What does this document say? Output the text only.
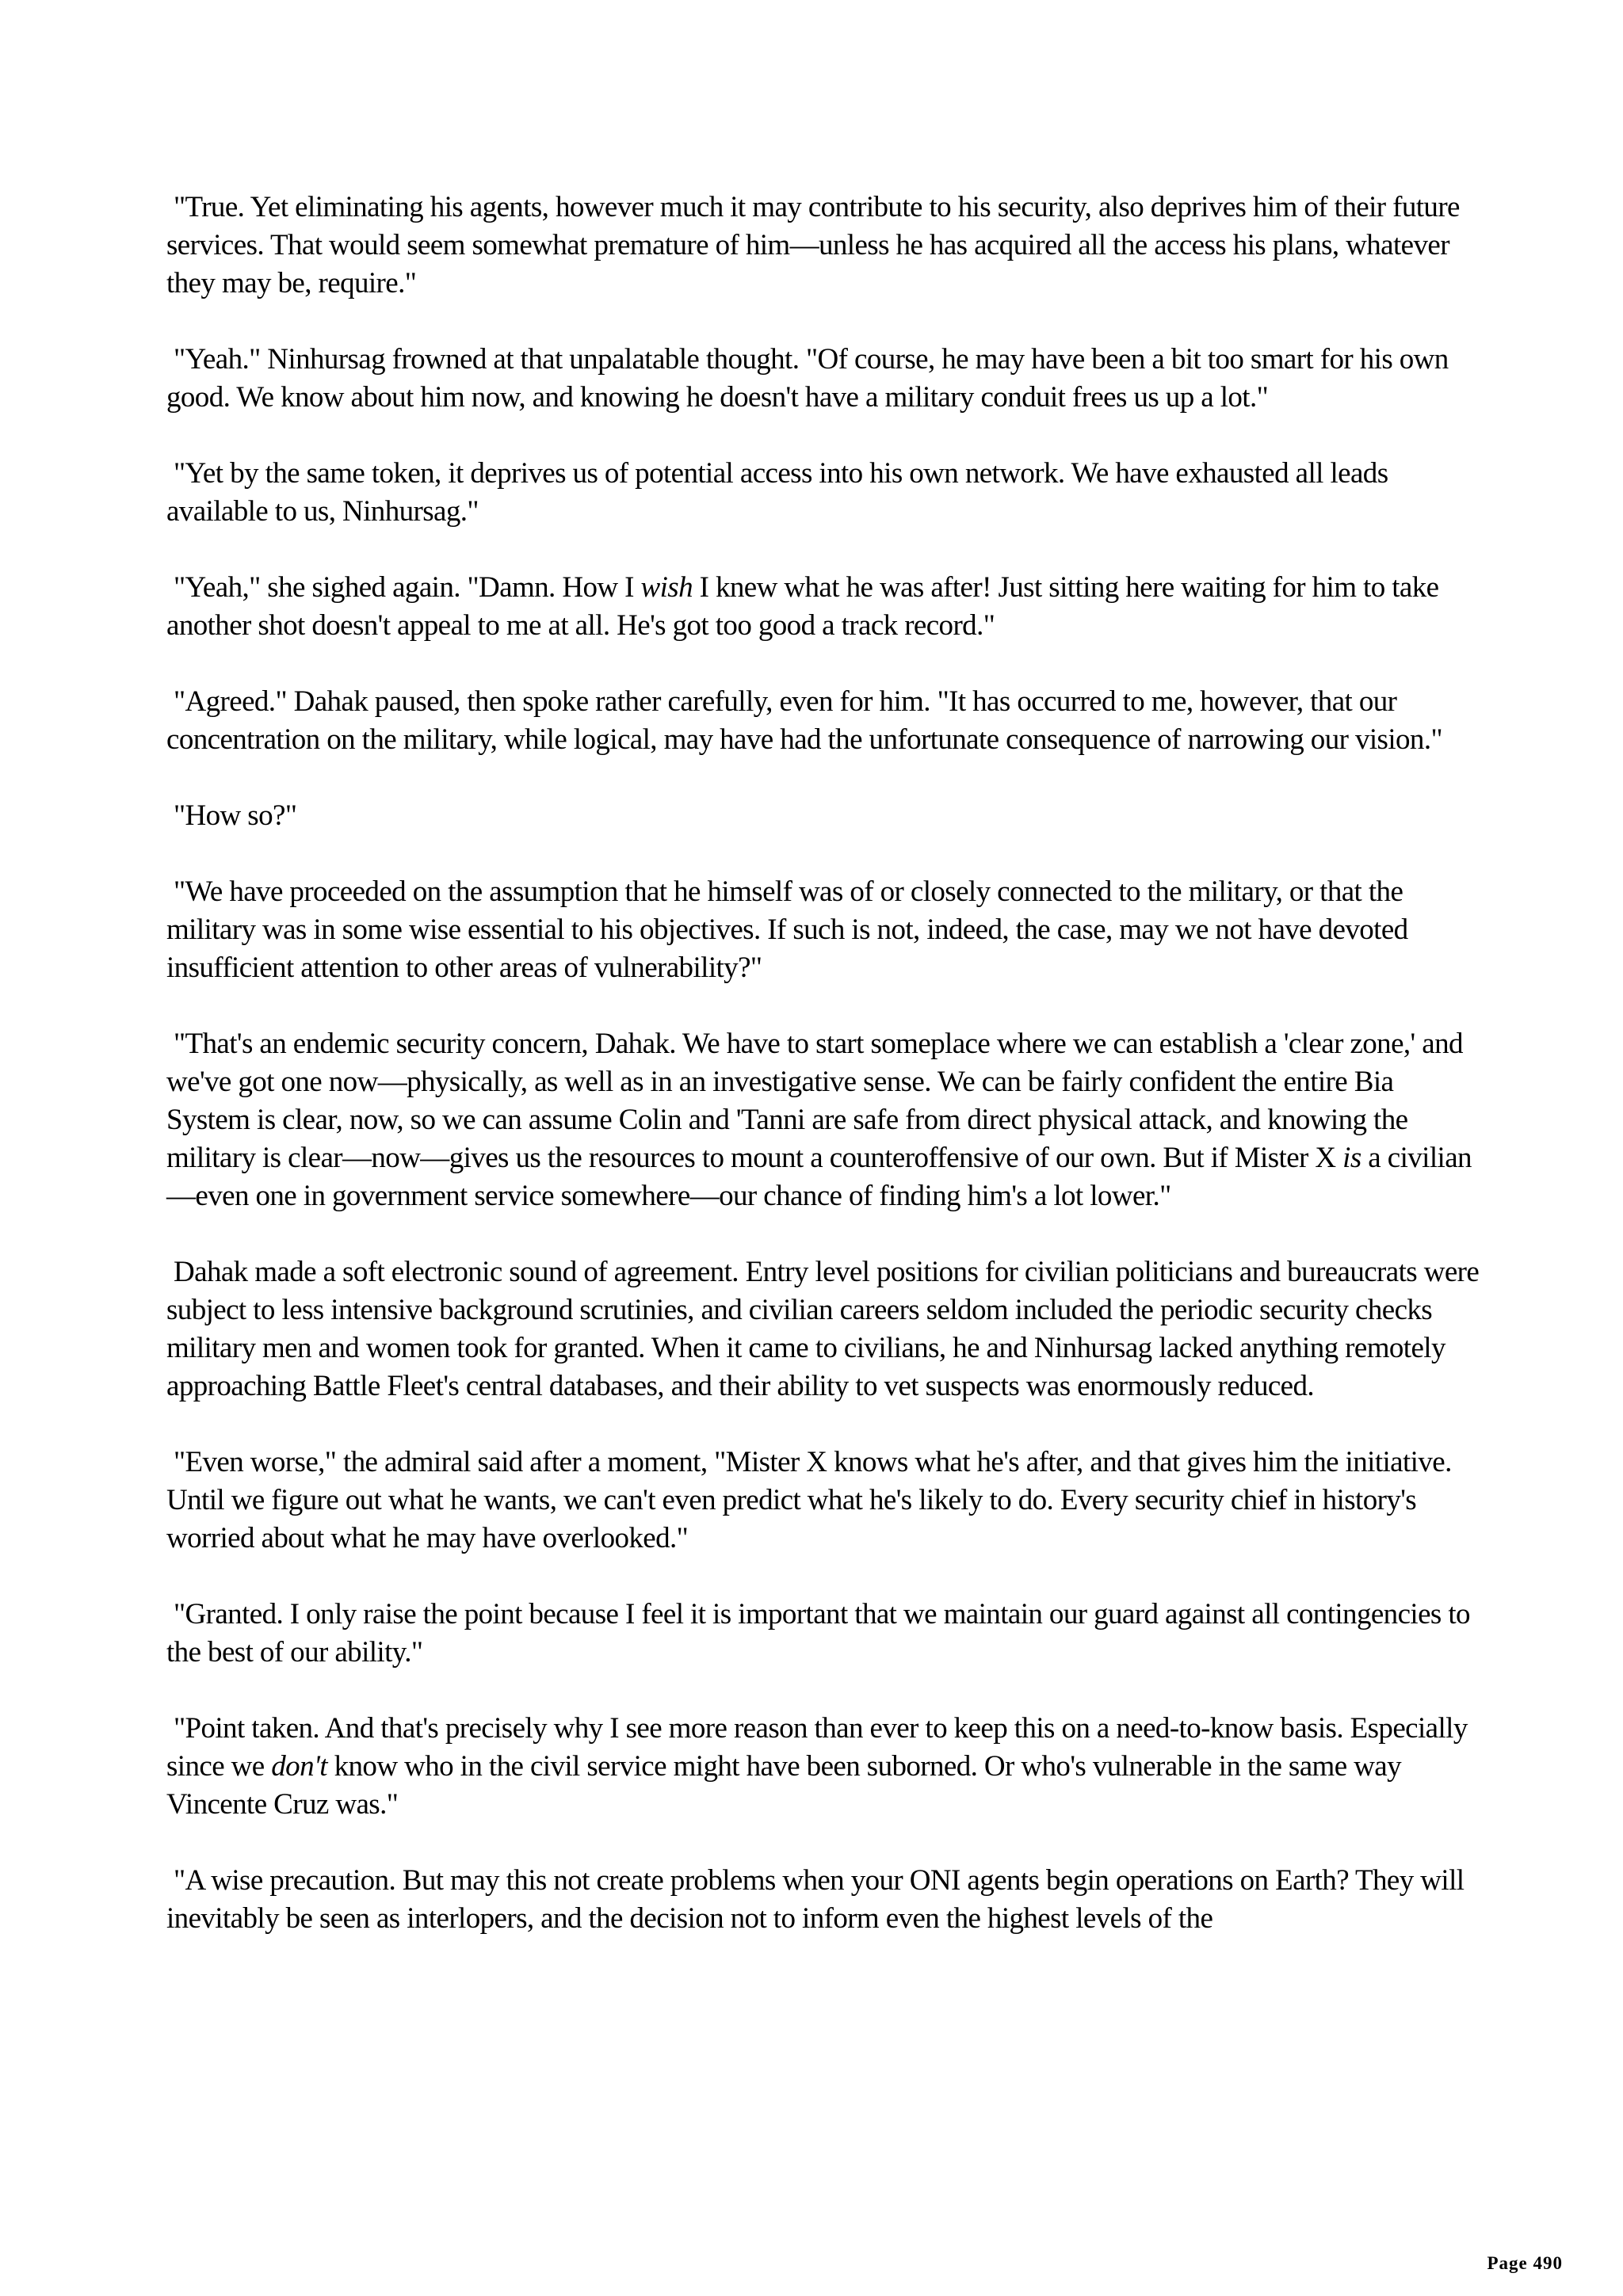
"True. Yet eliminating his agents, however much it may contribute to his security, also deprives him of their future services. That would seem somewhat premature of him—unless he has acquired all the access his plans, whatever they may be, require."

"Yeah." Ninhursag frowned at that unpalatable thought. "Of course, he may have been a bit too smart for his own good. We know about him now, and knowing he doesn't have a military conduit frees us up a lot."

"Yet by the same token, it deprives us of potential access into his own network. We have exhausted all leads available to us, Ninhursag."

"Yeah," she sighed again. "Damn. How I wish I knew what he was after! Just sitting here waiting for him to take another shot doesn't appeal to me at all. He's got too good a track record."

"Agreed." Dahak paused, then spoke rather carefully, even for him. "It has occurred to me, however, that our concentration on the military, while logical, may have had the unfortunate consequence of narrowing our vision."

"How so?"

"We have proceeded on the assumption that he himself was of or closely connected to the military, or that the military was in some wise essential to his objectives. If such is not, indeed, the case, may we not have devoted insufficient attention to other areas of vulnerability?"

"That's an endemic security concern, Dahak. We have to start someplace where we can establish a 'clear zone,' and we've got one now—physically, as well as in an investigative sense. We can be fairly confident the entire Bia System is clear, now, so we can assume Colin and 'Tanni are safe from direct physical attack, and knowing the military is clear—now—gives us the resources to mount a counteroffensive of our own. But if Mister X is a civilian—even one in government service somewhere—our chance of finding him's a lot lower."

Dahak made a soft electronic sound of agreement. Entry level positions for civilian politicians and bureaucrats were subject to less intensive background scrutinies, and civilian careers seldom included the periodic security checks military men and women took for granted. When it came to civilians, he and Ninhursag lacked anything remotely approaching Battle Fleet's central databases, and their ability to vet suspects was enormously reduced.

"Even worse," the admiral said after a moment, "Mister X knows what he's after, and that gives him the initiative. Until we figure out what he wants, we can't even predict what he's likely to do. Every security chief in history's worried about what he may have overlooked."

"Granted. I only raise the point because I feel it is important that we maintain our guard against all contingencies to the best of our ability."

"Point taken. And that's precisely why I see more reason than ever to keep this on a need-to-know basis. Especially since we don't know who in the civil service might have been suborned. Or who's vulnerable in the same way Vincente Cruz was."

"A wise precaution. But may this not create problems when your ONI agents begin operations on Earth? They will inevitably be seen as interlopers, and the decision not to inform even the highest levels of the

Page 490
